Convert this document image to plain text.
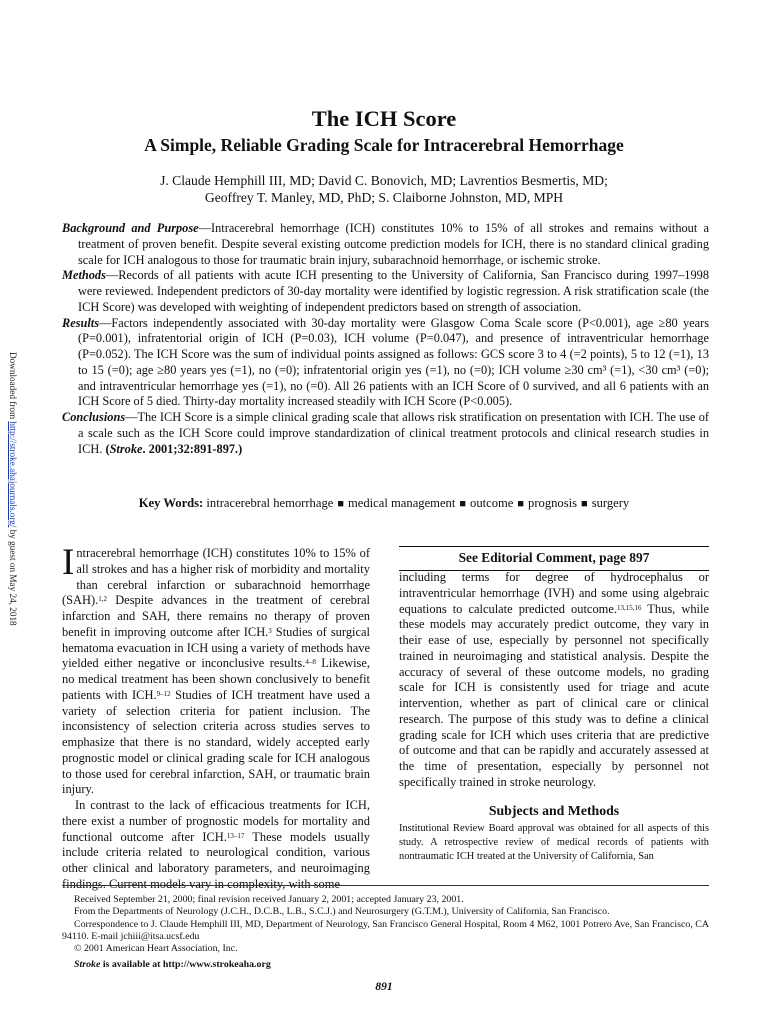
Downloaded from http://stroke.ahajournals.org/ by guest on May 24, 2018
The ICH Score
A Simple, Reliable Grading Scale for Intracerebral Hemorrhage
J. Claude Hemphill III, MD; David C. Bonovich, MD; Lavrentios Besmertis, MD;
Geoffrey T. Manley, MD, PhD; S. Claiborne Johnston, MD, MPH

Background and Purpose—Intracerebral hemorrhage (ICH) constitutes 10% to 15% of all strokes and remains without a treatment of proven benefit. Despite several existing outcome prediction models for ICH, there is no standard clinical grading scale for ICH analogous to those for traumatic brain injury, subarachnoid hemorrhage, or ischemic stroke.

Methods—Records of all patients with acute ICH presenting to the University of California, San Francisco during 1997–1998 were reviewed. Independent predictors of 30-day mortality were identified by logistic regression. A risk stratification scale (the ICH Score) was developed with weighting of independent predictors based on strength of association.

Results—Factors independently associated with 30-day mortality were Glasgow Coma Scale score (P<0.001), age ≥80 years (P=0.001), infratentorial origin of ICH (P=0.03), ICH volume (P=0.047), and presence of intraventricular hemorrhage (P=0.052). The ICH Score was the sum of individual points assigned as follows: GCS score 3 to 4 (=2 points), 5 to 12 (=1), 13 to 15 (=0); age ≥80 years yes (=1), no (=0); infratentorial origin yes (=1), no (=0); ICH volume ≥30 cm³ (=1), <30 cm³ (=0); and intraventricular hemorrhage yes (=1), no (=0). All 26 patients with an ICH Score of 0 survived, and all 6 patients with an ICH Score of 5 died. Thirty-day mortality increased steadily with ICH Score (P<0.005).

Conclusions—The ICH Score is a simple clinical grading scale that allows risk stratification on presentation with ICH. The use of a scale such as the ICH Score could improve standardization of clinical treatment protocols and clinical research studies in ICH. (Stroke. 2001;32:891-897.)

Key Words: intracerebral hemorrhage ■ medical management ■ outcome ■ prognosis ■ surgery

Intracerebral hemorrhage (ICH) constitutes 10% to 15% of all strokes and has a higher risk of morbidity and mortality than cerebral infarction or subarachnoid hemorrhage (SAH).$^{1,2}$ Despite advances in the treatment of cerebral infarction and SAH, there remains no therapy of proven benefit in improving outcome after ICH.$^3$ Studies of surgical hematoma evacuation in ICH using a variety of methods have yielded either negative or inconclusive results.$^{4-8}$ Likewise, no medical treatment has been shown conclusively to benefit patients with ICH.$^{9-12}$ Studies of ICH treatment have used a variety of selection criteria for patient inclusion. The inconsistency of selection criteria across studies serves to emphasize that there is no standard, widely accepted early prognostic model or clinical grading scale for ICH analogous to those used for cerebral infarction, SAH, or traumatic brain injury.

In contrast to the lack of efficacious treatments for ICH, there exist a number of prognostic models for mortality and functional outcome after ICH.$^{13-17}$ These models usually include criteria related to neurological condition, various other clinical and laboratory parameters, and neuroimaging findings. Current models vary in complexity, with some

See Editorial Comment, page 897

including terms for degree of hydrocephalus or intraventricular hemorrhage (IVH) and some using algebraic equations to calculate predicted outcome.$^{13,15,16}$ Thus, while these models may accurately predict outcome, they vary in their ease of use, especially by personnel not specifically trained in neuroimaging and statistical analysis. Despite the accuracy of several of these outcome models, no grading scale for ICH is consistently used for triage and acute intervention, whether as part of clinical care or clinical research. The purpose of this study was to define a clinical grading scale for ICH which uses criteria that are predictive of outcome and that can be rapidly and accurately assessed at the time of presentation, especially by personnel not specifically trained in stroke neurology.

Subjects and Methods

Institutional Review Board approval was obtained for all aspects of this study. A retrospective review of medical records of patients with nontraumatic ICH treated at the University of California, San

Received September 21, 2000; final revision received January 2, 2001; accepted January 23, 2001.

From the Departments of Neurology (J.C.H., D.C.B., L.B., S.C.J.) and Neurosurgery (G.T.M.), University of California, San Francisco.

Correspondence to J. Claude Hemphill III, MD, Department of Neurology, San Francisco General Hospital, Room 4 M62, 1001 Potrero Ave, San Francisco, CA 94110. E-mail jchiii@itsa.ucsf.edu

© 2001 American Heart Association, Inc.

Stroke is available at http://www.strokeaha.org

891
